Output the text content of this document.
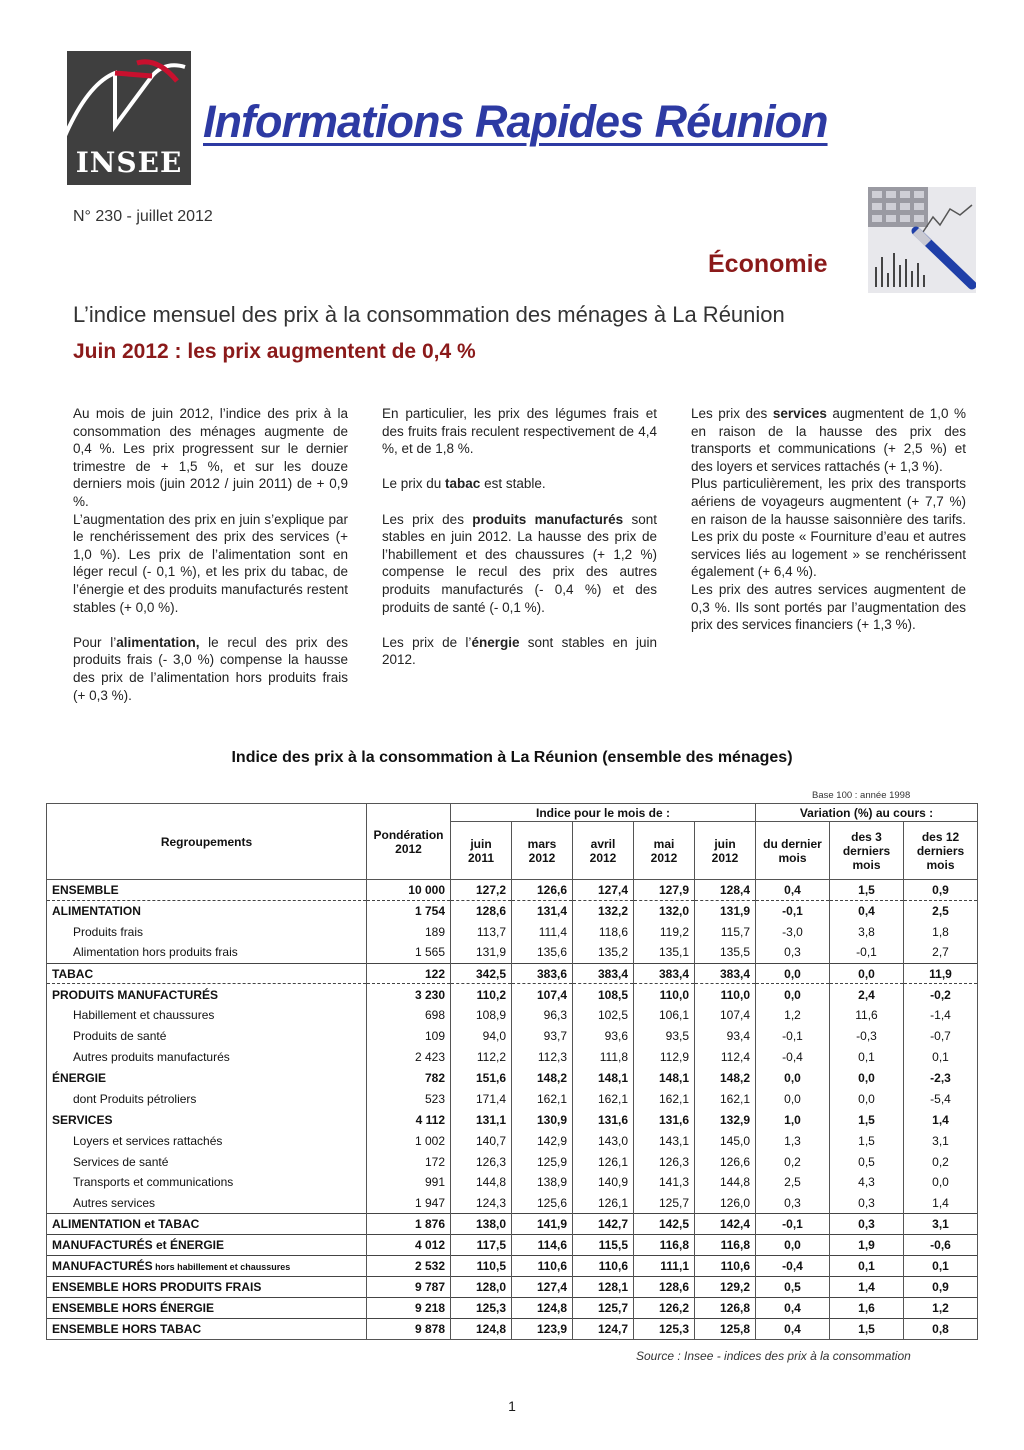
INSEE
Informations Rapides Réunion
N° 230 - juillet 2012
Économie
L’indice mensuel des prix à la consommation des ménages à La Réunion
Juin 2012 : les prix augmentent de 0,4 %

Au mois de juin 2012, l’indice des prix à la consommation des ménages augmente de 0,4 %. Les prix progressent sur le dernier trimestre de + 1,5 %, et sur les douze derniers mois (juin 2012 / juin 2011) de + 0,9 %.

L’augmentation des prix en juin s’explique par le renchérissement des prix des services (+ 1,0 %). Les prix de l’alimentation sont en léger recul (- 0,1 %), et les prix du tabac, de l’énergie et des produits manufacturés restent stables (+ 0,0 %).

Pour l’alimentation, le recul des prix des produits frais (- 3,0 %) compense la hausse des prix de l’alimentation hors produits frais (+ 0,3 %).

En particulier, les prix des légumes frais et des fruits frais reculent respectivement de 4,4 %, et de 1,8 %.

Le prix du tabac est stable.

Les prix des produits manufacturés sont stables en juin 2012. La hausse des prix de l’habillement et des chaussures (+ 1,2 %) compense le recul des prix des autres produits manufacturés (- 0,4 %) et des produits de santé (- 0,1 %).

Les prix de l’énergie sont stables en juin 2012.

Les prix des services augmentent de 1,0 % en raison de la hausse des prix des transports et communications (+ 2,5 %) et des loyers et services rattachés (+ 1,3 %).

Plus particulièrement, les prix des transports aériens de voyageurs augmentent (+ 7,7 %) en raison de la hausse saisonnière des tarifs. Les prix du poste « Fourniture d’eau et autres services liés au logement » se renchérissent également (+ 6,4 %).

Les prix des autres services augmentent de 0,3 %. Ils sont portés par l’augmentation des prix des services financiers (+ 1,3 %).

Indice des prix à la consommation à La Réunion (ensemble des ménages)
Base 100 : année 1998
Regroupements	Pondération 2012	Indice pour le mois de :					Variation (%) au cours :		
		juin 2011	mars 2012	avril 2012	mai 2012	juin 2012	du dernier mois	des 3 derniers mois	des 12 derniers mois
ENSEMBLE	10 000	127,2	126,6	127,4	127,9	128,4	0,4	1,5	0,9
ALIMENTATION	1 754	128,6	131,4	132,2	132,0	131,9	-0,1	0,4	2,5
Produits frais	189	113,7	111,4	118,6	119,2	115,7	-3,0	3,8	1,8
Alimentation hors produits frais	1 565	131,9	135,6	135,2	135,1	135,5	0,3	-0,1	2,7
TABAC	122	342,5	383,6	383,4	383,4	383,4	0,0	0,0	11,9
PRODUITS MANUFACTURÉS	3 230	110,2	107,4	108,5	110,0	110,0	0,0	2,4	-0,2
Habillement et chaussures	698	108,9	96,3	102,5	106,1	107,4	1,2	11,6	-1,4
Produits de santé	109	94,0	93,7	93,6	93,5	93,4	-0,1	-0,3	-0,7
Autres produits manufacturés	2 423	112,2	112,3	111,8	112,9	112,4	-0,4	0,1	0,1
ÉNERGIE	782	151,6	148,2	148,1	148,1	148,2	0,0	0,0	-2,3
dont Produits pétroliers	523	171,4	162,1	162,1	162,1	162,1	0,0	0,0	-5,4
SERVICES	4 112	131,1	130,9	131,6	131,6	132,9	1,0	1,5	1,4
Loyers et services rattachés	1 002	140,7	142,9	143,0	143,1	145,0	1,3	1,5	3,1
Services de santé	172	126,3	125,9	126,1	126,3	126,6	0,2	0,5	0,2
Transports et communications	991	144,8	138,9	140,9	141,3	144,8	2,5	4,3	0,0
Autres services	1 947	124,3	125,6	126,1	125,7	126,0	0,3	0,3	1,4
ALIMENTATION et TABAC	1 876	138,0	141,9	142,7	142,5	142,4	-0,1	0,3	3,1
MANUFACTURÉS et ÉNERGIE	4 012	117,5	114,6	115,5	116,8	116,8	0,0	1,9	-0,6
MANUFACTURÉS hors habillement et chaussures	2 532	110,5	110,6	110,6	111,1	110,6	-0,4	0,1	0,1
ENSEMBLE HORS PRODUITS FRAIS	9 787	128,0	127,4	128,1	128,6	129,2	0,5	1,4	0,9
ENSEMBLE HORS ÉNERGIE	9 218	125,3	124,8	125,7	126,2	126,8	0,4	1,6	1,2
ENSEMBLE HORS TABAC	9 878	124,8	123,9	124,7	125,3	125,8	0,4	1,5	0,8
Source : Insee - indices des prix à la consommation
1
